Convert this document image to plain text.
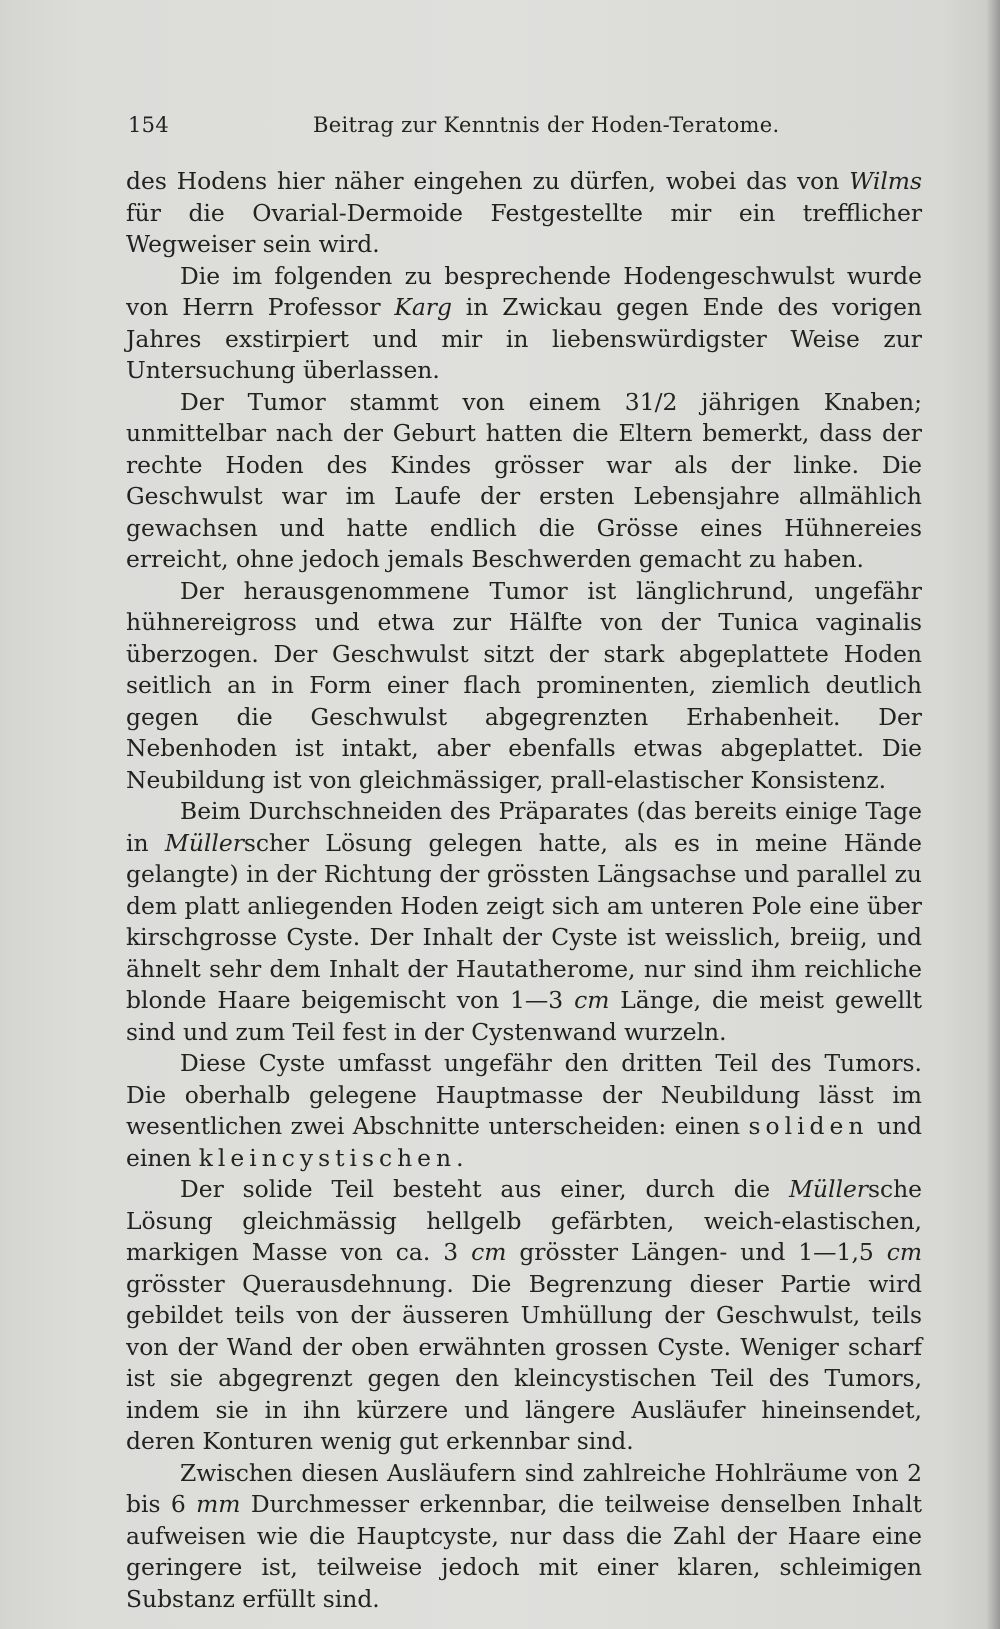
154	Beitrag zur Kenntnis der Hoden-Teratome.

des Hodens hier näher eingehen zu dürfen, wobei das von Wilms für die Ovarial-Dermoide Festgestellte mir ein trefflicher Wegweiser sein wird.

Die im folgenden zu besprechende Hodengeschwulst wurde von Herrn Professor Karg in Zwickau gegen Ende des vorigen Jahres exstirpiert und mir in liebenswürdigster Weise zur Untersuchung überlassen.

Der Tumor stammt von einem 31/2 jährigen Knaben; unmittelbar nach der Geburt hatten die Eltern bemerkt, dass der rechte Hoden des Kindes grösser war als der linke. Die Geschwulst war im Laufe der ersten Lebensjahre allmählich gewachsen und hatte endlich die Grösse eines Hühnereies erreicht, ohne jedoch jemals Beschwerden gemacht zu haben.

Der herausgenommene Tumor ist länglichrund, ungefähr hühnereigross und etwa zur Hälfte von der Tunica vaginalis überzogen. Der Geschwulst sitzt der stark abgeplattete Hoden seitlich an in Form einer flach prominenten, ziemlich deutlich gegen die Geschwulst abgegrenzten Erhabenheit. Der Nebenhoden ist intakt, aber ebenfalls etwas abgeplattet. Die Neubildung ist von gleichmässiger, prall-elastischer Konsistenz.

Beim Durchschneiden des Präparates (das bereits einige Tage in Müllerscher Lösung gelegen hatte, als es in meine Hände gelangte) in der Richtung der grössten Längsachse und parallel zu dem platt anliegenden Hoden zeigt sich am unteren Pole eine über kirschgrosse Cyste. Der Inhalt der Cyste ist weisslich, breiig, und ähnelt sehr dem Inhalt der Hautatherome, nur sind ihm reichliche blonde Haare beigemischt von 1—3 cm Länge, die meist gewellt sind und zum Teil fest in der Cystenwand wurzeln.

Diese Cyste umfasst ungefähr den dritten Teil des Tumors. Die oberhalb gelegene Hauptmasse der Neubildung lässt im wesentlichen zwei Abschnitte unterscheiden: einen soliden und einen kleincystischen.

Der solide Teil besteht aus einer, durch die Müllersche Lösung gleichmässig hellgelb gefärbten, weich-elastischen, markigen Masse von ca. 3 cm grösster Längen- und 1—1,5 cm grösster Querausdehnung. Die Begrenzung dieser Partie wird gebildet teils von der äusseren Umhüllung der Geschwulst, teils von der Wand der oben erwähnten grossen Cyste. Weniger scharf ist sie abgegrenzt gegen den kleincystischen Teil des Tumors, indem sie in ihn kürzere und längere Ausläufer hineinsendet, deren Konturen wenig gut erkennbar sind.

Zwischen diesen Ausläufern sind zahlreiche Hohlräume von 2 bis 6 mm Durchmesser erkennbar, die teilweise denselben Inhalt aufweisen wie die Hauptcyste, nur dass die Zahl der Haare eine geringere ist, teilweise jedoch mit einer klaren, schleimigen Substanz erfüllt sind.
